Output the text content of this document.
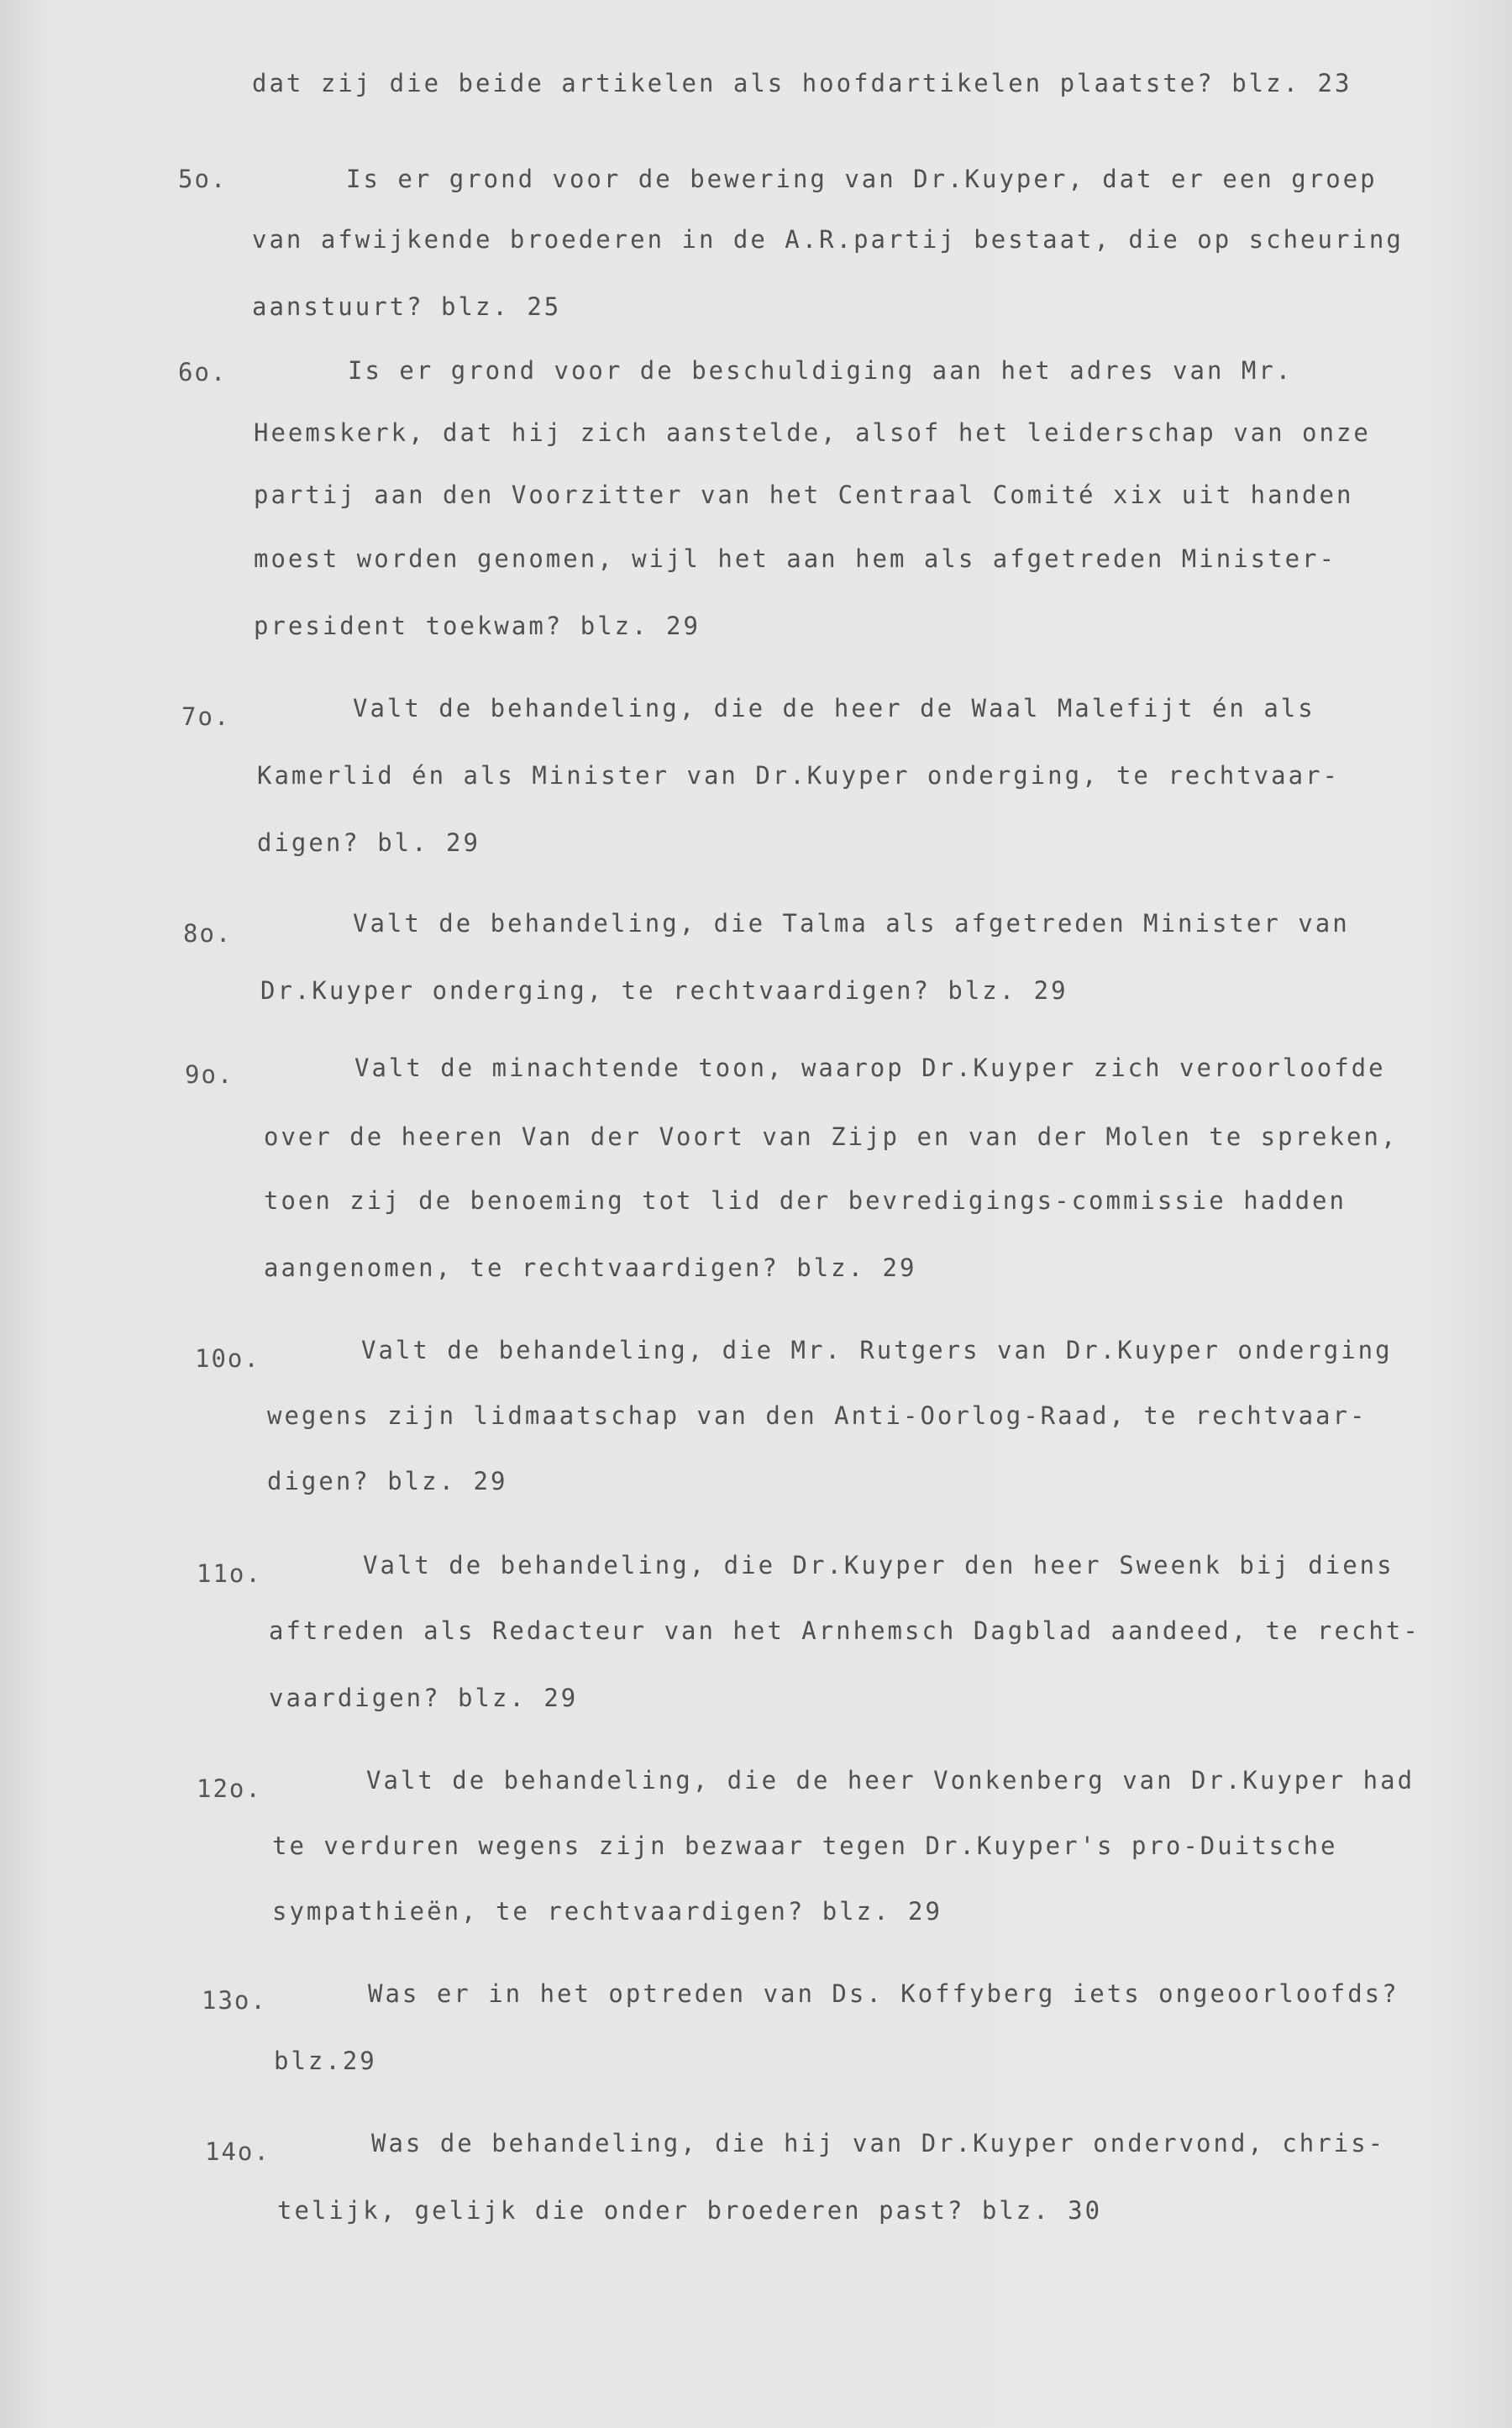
dat zij die beide artikelen als hoofdartikelen plaatste? blz. 23
5o.	Is er grond voor de bewering van Dr.Kuyper, dat er een groep
van afwijkende broederen in de A.R.partij bestaat, die op scheuring
aanstuurt? blz. 25
6o.	Is er grond voor de beschuldiging aan het adres van Mr.
Heemskerk, dat hij zich aanstelde, alsof het leiderschap van onze
partij aan den Voorzitter van het Centraal Comité xix uit handen
moest worden genomen, wijl het aan hem als afgetreden Minister-
president toekwam? blz. 29
7o.	Valt de behandeling, die de heer de Waal Malefijt én als
Kamerlid én als Minister van Dr.Kuyper onderging, te rechtvaar-
digen? bl. 29
8o.	Valt de behandeling, die Talma als afgetreden Minister van
Dr.Kuyper onderging, te rechtvaardigen? blz. 29
9o.	Valt de minachtende toon, waarop Dr.Kuyper zich veroorloofde
over de heeren Van der Voort van Zijp en van der Molen te spreken,
toen zij de benoeming tot lid der bevredigings-commissie hadden
aangenomen, te rechtvaardigen? blz. 29
10o.	Valt de behandeling, die Mr. Rutgers van Dr.Kuyper onderging
wegens zijn lidmaatschap van den Anti-Oorlog-Raad, te rechtvaar-
digen? blz. 29
11o.	Valt de behandeling, die Dr.Kuyper den heer Sweenk bij diens
aftreden als Redacteur van het Arnhemsch Dagblad aandeed, te recht-
vaardigen? blz. 29
12o.	Valt de behandeling, die de heer Vonkenberg van Dr.Kuyper had
te verduren wegens zijn bezwaar tegen Dr.Kuyper's pro-Duitsche
sympathieën, te rechtvaardigen? blz. 29
13o.	Was er in het optreden van Ds. Koffyberg iets ongeoorloofds?
blz.29
14o.	Was de behandeling, die hij van Dr.Kuyper ondervond, chris-
telijk, gelijk die onder broederen past? blz. 30
